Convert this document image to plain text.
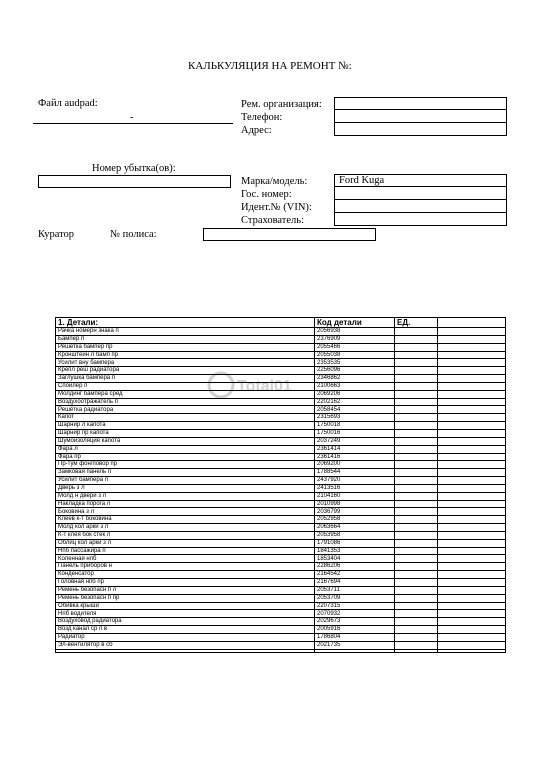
КАЛЬКУЛЯЦИЯ НА РЕМОНТ №:
Файл audpad:
-
Рем. организация:
Телефон:
Адрес:
Номер убытка(ов):
Марка/модель:	Ford Kuga
Гос. номер:
Идент.№ (VIN):
Страхователь:
Куратор	№ полиса:
1. Детали:	Код детали	ЕД.	
Рачка номерн знака п	2056938		
Бампер п	2376909		
Решетка бампер пр	2055466		
Кронштейн л бамп пр	2055038		
Усилит вну бампера	2353535		
Крепл реш радиатора	2256096		
Заглушка бампера п	2346862		
Спойлер п	2100663		
Молдинг бампера сред	2069206		
Воздухоотражатель п	2202162		
Решётка радиатора	2058454		
Капот	2315693		
Шарнир л капота	1750018		
Шарнир пр капота	1750016		
Шумоизоляция капота	2037249		
Фара л	2361414		
Фара пр	2361416		
Пр-тум фон/повор пр	2069200		
Замковая панель п	1788544		
Усилит бампера п	2437920		
Дверь з л	2413516		
Молд н двери з л	2104160		
Накладка порога л	2010998		
Боковина з л	2036799		
Клеев к-т боковина	2052958		
Молд кол арки з л	2063664		
К-т клея бок стек л	2053958		
Облиц кол арки з л	1791086		
Нпб пассажира п	1841353		
Коленная нпб	1853404		
Панель приборов н	2286206		
Конденсатор	2164542		
Головная нпб пр	2167694		
Ремень безопасн п л	2053711		
Ремень безопасн п пр	2053709		
Обивка крыши	2207315		
Нпб водителя	2070932		
Воздуховод радиатора	2029673		
Возд канал ср п в	2005916		
Радиатор	1786804		
Эл-вентилятор в сб	2021735		

Total01
